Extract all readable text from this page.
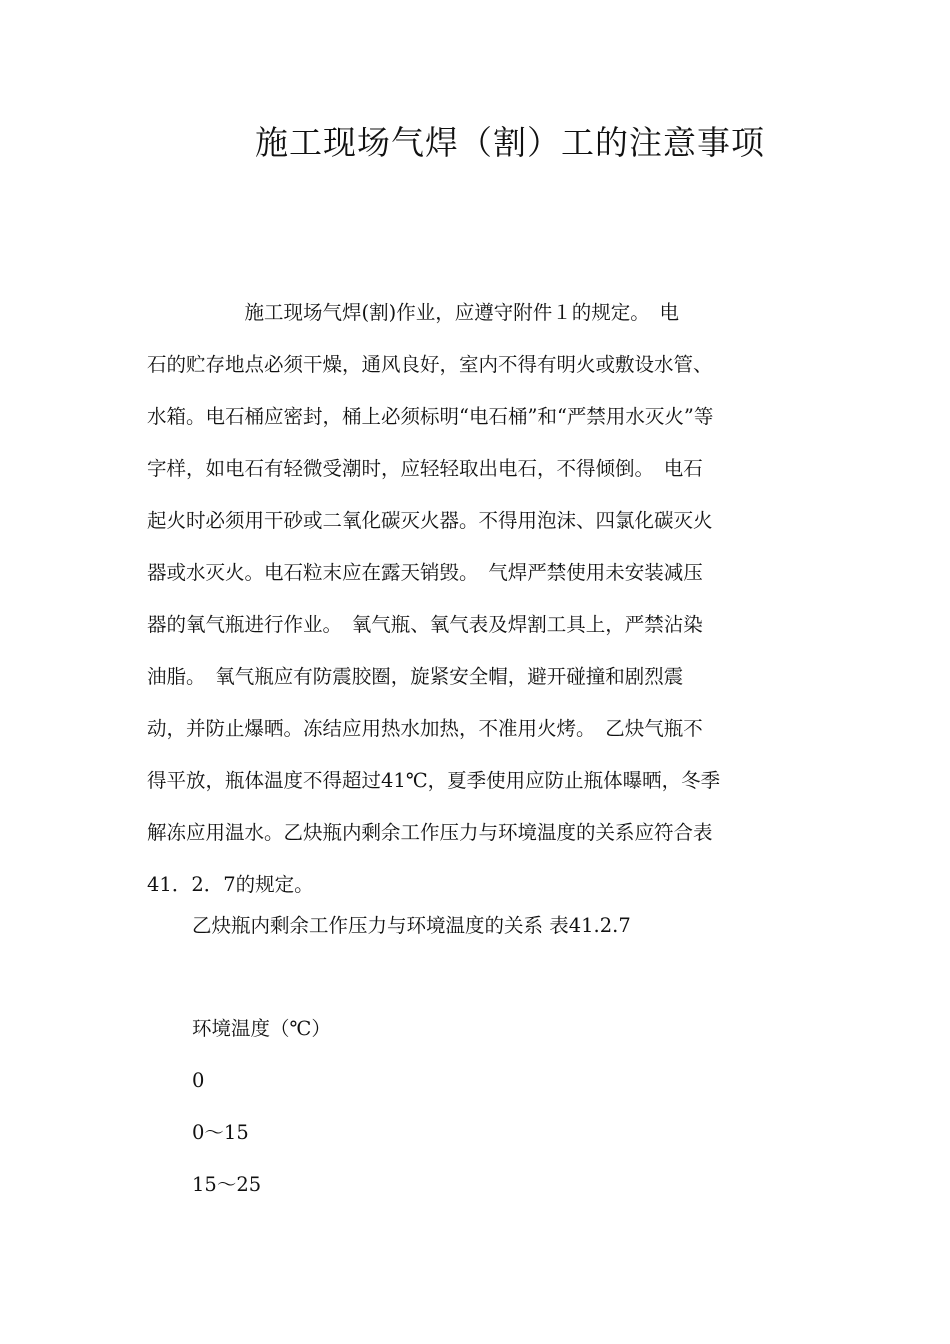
施工现场气焊（割）工的注意事项
　　　　　施工现场气焊(割)作业，应遵守附件１的规定。　电
石的贮存地点必须干燥，通风良好，室内不得有明火或敷设水管、
水箱。电石桶应密封，桶上必须标明“电石桶”和“严禁用水灭火”等
字样，如电石有轻微受潮时，应轻轻取出电石，不得倾倒。　电石
起火时必须用干砂或二氧化碳灭火器。不得用泡沫、四氯化碳灭火
器或水灭火。电石粒末应在露天销毁。　气焊严禁使用未安装减压
器的氧气瓶进行作业。　氧气瓶、氧气表及焊割工具上，严禁沾染
油脂。　氧气瓶应有防震胶圈，旋紧安全帽，避开碰撞和剧烈震
动，并防止爆晒。冻结应用热水加热，不准用火烤。　乙炔气瓶不
得平放，瓶体温度不得超过41℃，夏季使用应防止瓶体曝晒，冬季
解冻应用温水。乙炔瓶内剩余工作压力与环境温度的关系应符合表
41．2．7的规定。
乙炔瓶内剩余工作压力与环境温度的关系 表41.2.7
环境温度（℃）
0
0～15
15～25
